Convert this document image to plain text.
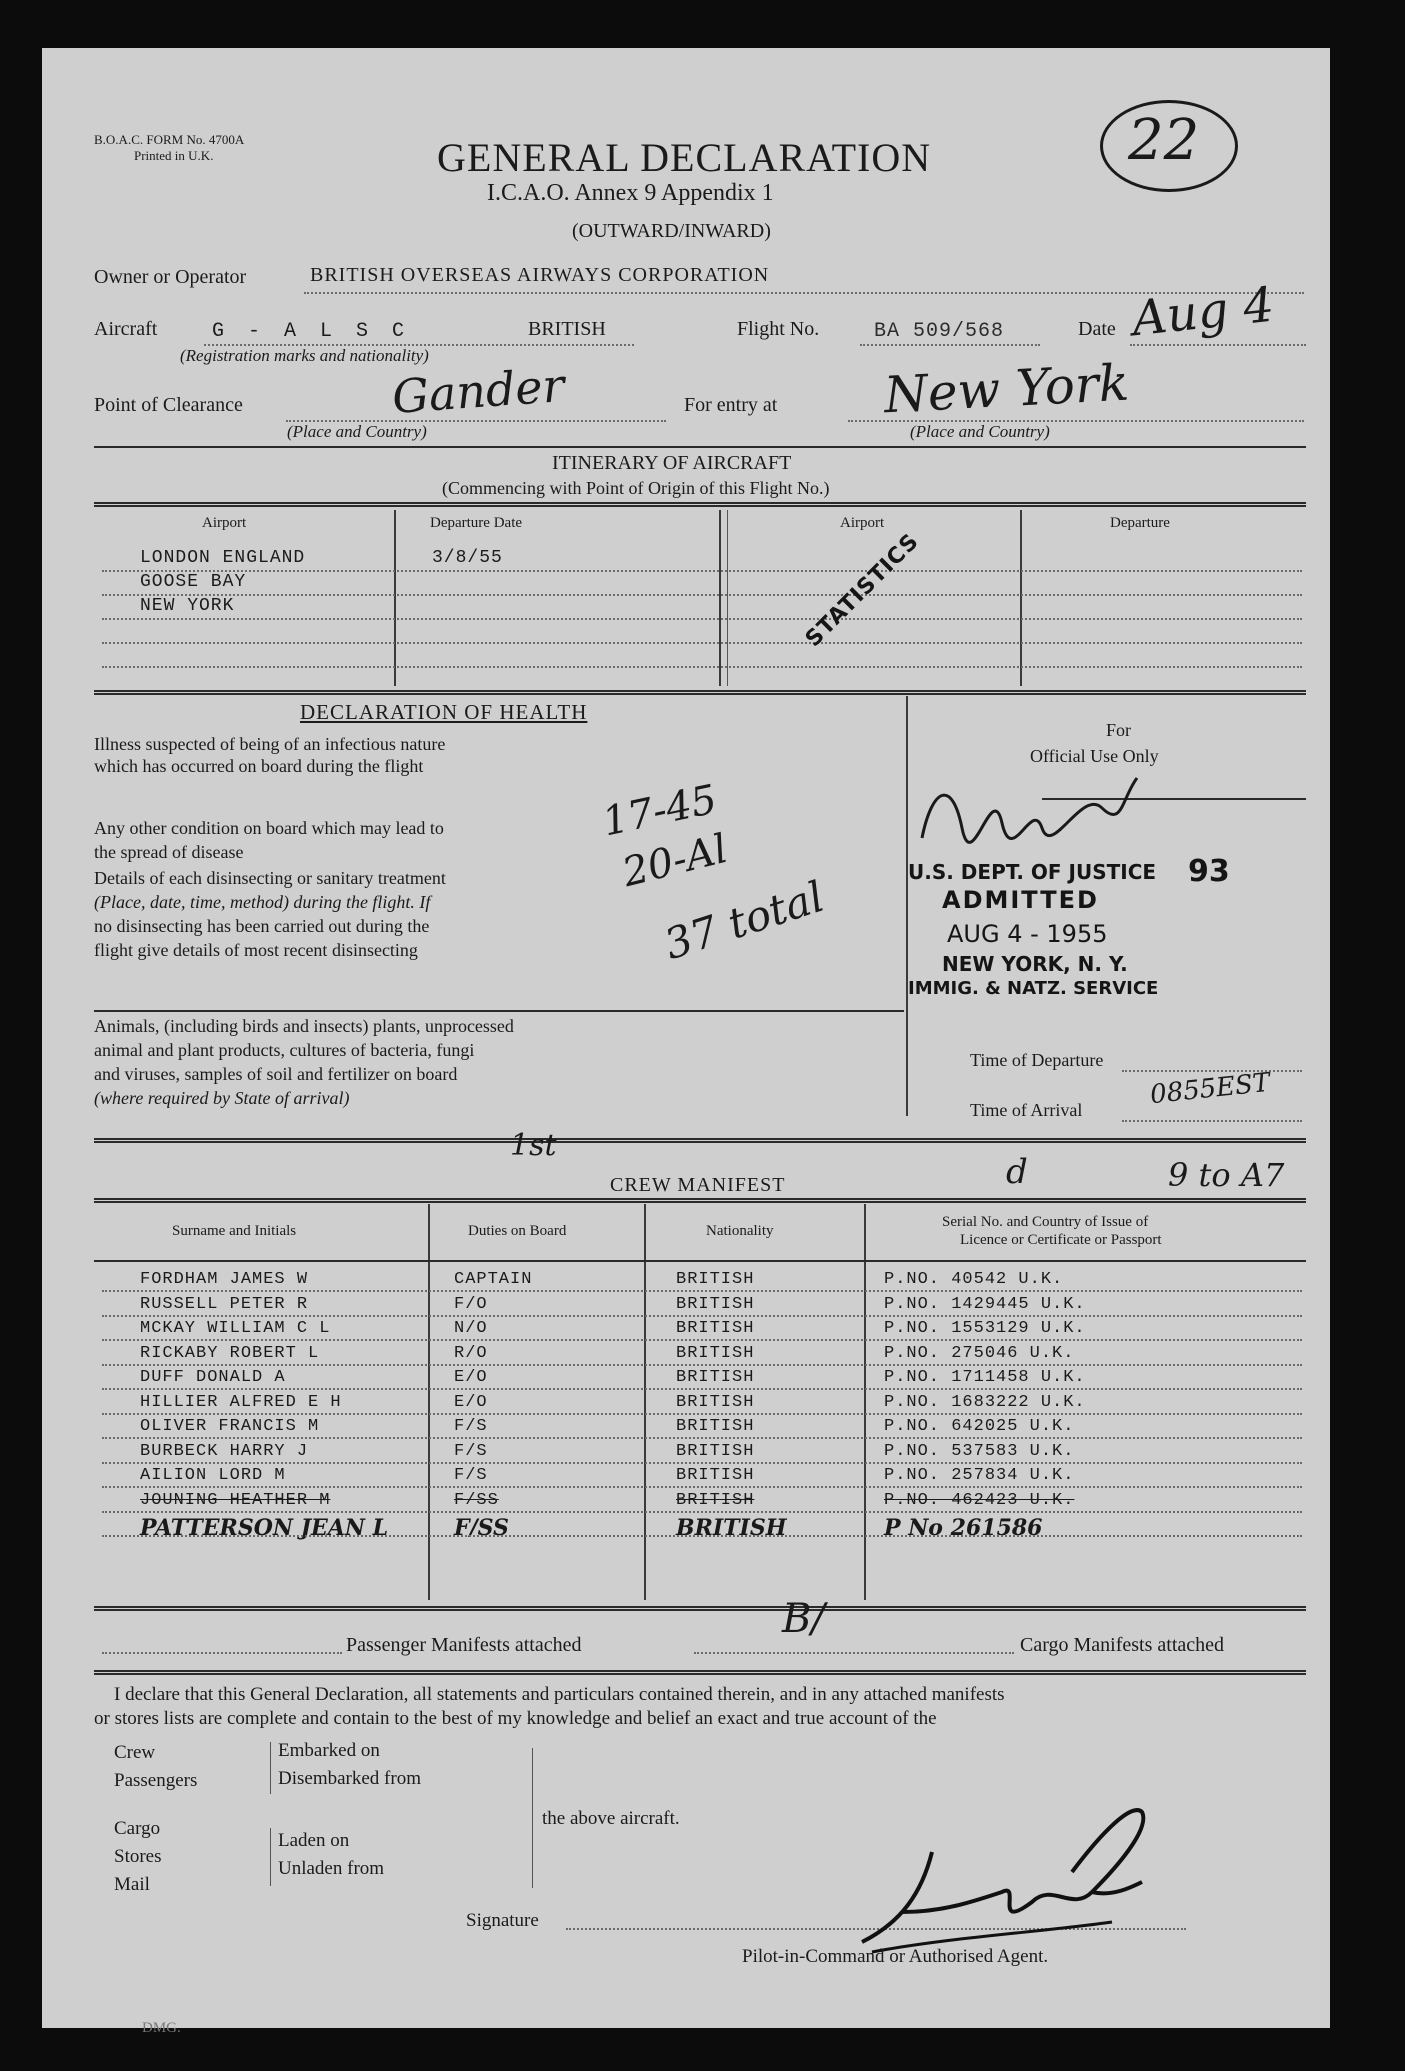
B.O.A.C. FORM No. 4700A
Printed in U.K.	GENERAL DECLARATION
I.C.A.O. Annex 9 Appendix 1
(OUTWARD/INWARD)
22
Owner or Operator	BRITISH OVERSEAS AIRWAYS CORPORATION
Aircraft	G - A L S C	BRITISH
(Registration marks and nationality)
Flight No.	BA 509/568	Date Aug 4
Point of Clearance	Gander
(Place and Country)
For entry at New York
(Place and Country)
ITINERARY OF AIRCRAFT
(Commencing with Point of Origin of this Flight No.)
Airport	Departure Date	Airport	Departure
LONDON ENGLAND	3/8/55
GOOSE BAY
NEW YORK	STATISTICS
DECLARATION OF HEALTH
Illness suspected of being of an infectious nature
which has occurred on board during the flight
Any other condition on board which may lead to
the spread of disease
Details of each disinsecting or sanitary treatment
(Place, date, time, method) during the flight. If
no disinsecting has been carried out during the
flight give details of most recent disinsecting
17-45
20-Al
37 total
Animals, (including birds and insects) plants, unprocessed
animal and plant products, cultures of bacteria, fungi
and viruses, samples of soil and fertilizer on board
(where required by State of arrival)
For
Official Use Only
U.S. DEPT. OF JUSTICE
ADMITTED
AUG 4 - 1955
NEW YORK, N. Y.
IMMIG. & NATZ. SERVICE
93
Time of Departure
Time of Arrival	0855EST
1st
CREW MANIFEST	d	9 to A7
Surname and Initials	Duties on Board	Nationality
Serial No. and Country of Issue of
Licence or Certificate or Passport
FORDHAM JAMES W	CAPTAIN	BRITISH	P.NO. 40542 U.K.
RUSSELL PETER R	F/O	BRITISH	P.NO. 1429445 U.K.
MCKAY WILLIAM C L	N/O	BRITISH	P.NO. 1553129 U.K.
RICKABY ROBERT L	R/O	BRITISH	P.NO. 275046 U.K.
DUFF DONALD A	E/O	BRITISH	P.NO. 1711458 U.K.
HILLIER ALFRED E H	E/O	BRITISH	P.NO. 1683222 U.K.
OLIVER FRANCIS M	F/S	BRITISH	P.NO. 642025 U.K.
BURBECK HARRY J	F/S	BRITISH	P.NO. 537583 U.K.
AILION LORD M	F/S	BRITISH	P.NO. 257834 U.K.
JOUNING HEATHER M	F/SS	BRITISH	P.NO. 462423 U.K.
PATTERSON JEAN L	F/SS	BRITISH	P No 261586
Passenger Manifests attached	Cargo Manifests attached
B/
I declare that this General Declaration, all statements and particulars contained therein, and in any attached manifests
or stores lists are complete and contain to the best of my knowledge and belief an exact and true account of the
Crew
Passengers
Embarked on
Disembarked from
Cargo
Stores
Mail
Laden on
Unladen from
the above aircraft.
Signature
Pilot-in-Command or Authorised Agent.
DMG.
